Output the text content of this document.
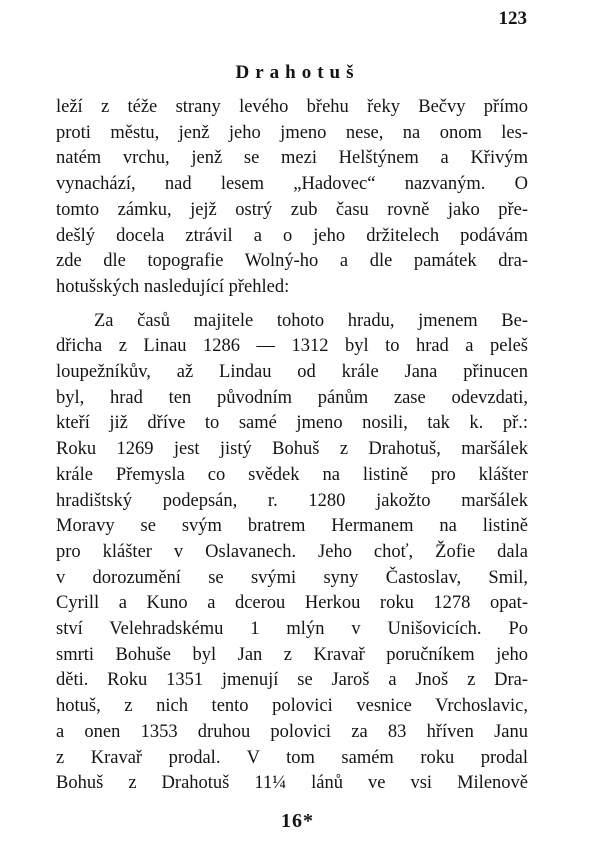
123
Drahotuš
leží z téže strany levého břehu řeky Bečvy přímo
proti městu, jenž jeho jmeno nese, na onom les-
natém vrchu, jenž se mezi Helštýnem a Křivým
vynachází, nad lesem „Hadovec“ nazvaným. O
tomto zámku, jejž ostrý zub času rovně jako pře-
dešlý docela ztrávil a o jeho držitelech podávám
zde dle topografie Wolný-ho a dle památek dra-
hotušských nasledující přehled:
Za časů majitele tohoto hradu, jmenem Be-
dřicha z Linau 1286 — 1312 byl to hrad a peleš
loupežníkův, až Lindau od krále Jana přinucen
byl, hrad ten původním pánům zase odevzdati,
kteří již dříve to samé jmeno nosili, tak k. př.:
Roku 1269 jest jistý Bohuš z Drahotuš, maršálek
krále Přemysla co svědek na listině pro klášter
hradištský podepsán, r. 1280 jakožto maršálek
Moravy se svým bratrem Hermanem na listině
pro klášter v Oslavanech. Jeho choť, Žofie dala
v dorozumění se svými syny Častoslav, Smil,
Cyrill a Kuno a dcerou Herkou roku 1278 opat-
ství Velehradskému 1 mlýn v Unišovicích. Po
smrti Bohuše byl Jan z Kravař poručníkem jeho
děti. Roku 1351 jmenují se Jaroš a Jnoš z Dra-
hotuš, z nich tento polovici vesnice Vrchoslavic,
a onen 1353 druhou polovici za 83 hříven Janu
z Kravař prodal. V tom samém roku prodal
Bohuš z Drahotuš 11¼ lánů ve vsi Milenově
16*
